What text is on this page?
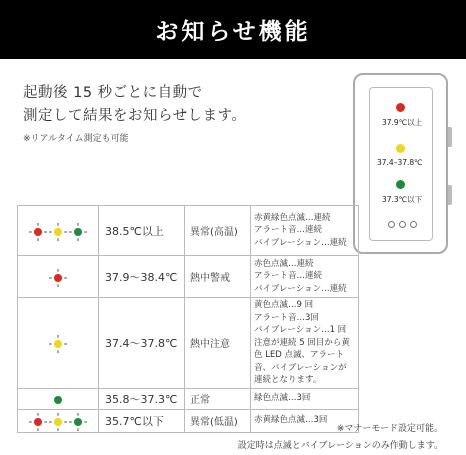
お知らせ機能
起動後 15 秒ごとに自動で
測定して結果をお知らせします。
※リアルタイム測定も可能
37.9℃以上
37.4–37.8℃
37.3℃以下
	38.5℃以上	異常(高温)	赤黄緑色点滅…連続
アラート音…連続
バイブレーション…連続

	37.9～38.4℃	熱中警戒	赤色点滅…連続
アラート音…連続
バイブレーション…連続

	37.4～37.8℃	熱中注意	黄色点滅…9 回
アラート音…3回
バイブレーション…1 回
注意が連続 5 回目から黄色 LED 点滅、アラート音、バイブレーションが連続となります。

	35.8～37.3℃	正常	緑色点滅…3回

	35.7℃以下	異常(低温)	赤黄緑色点滅…3回
※マナーモード設定可能。
設定時は点滅とバイブレーションのみ作動します。
